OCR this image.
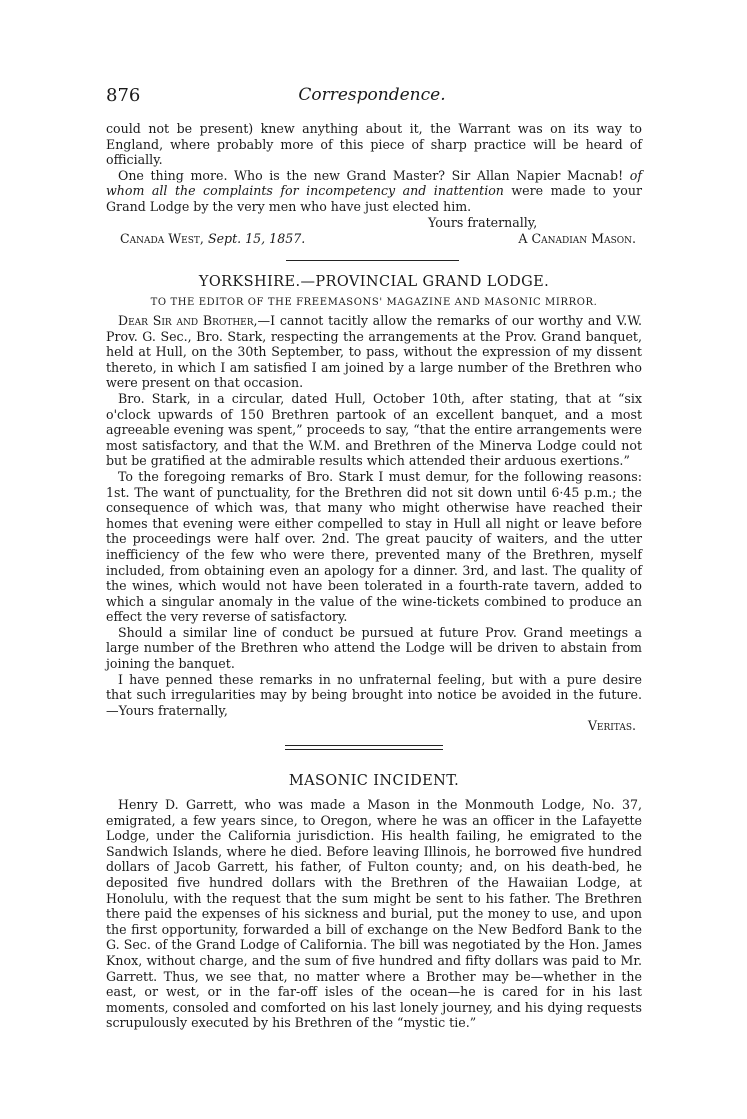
876	Correspondence.

could not be present) knew anything about it, the Warrant was on its way to England, where probably more of this piece of sharp practice will be heard of officially.

One thing more. Who is the new Grand Master? Sir Allan Napier Macnab! of whom all the complaints for incompetency and inattention were made to your Grand Lodge by the very men who have just elected him.

Yours fraternally,
Canada West, Sept. 15, 1857.	A Canadian Mason.
YORKSHIRE.—PROVINCIAL GRAND LODGE.
TO THE EDITOR OF THE FREEMASONS' MAGAZINE AND MASONIC MIRROR.

Dear Sir and Brother,—I cannot tacitly allow the remarks of our worthy and V.W. Prov. G. Sec., Bro. Stark, respecting the arrangements at the Prov. Grand banquet, held at Hull, on the 30th September, to pass, without the expression of my dissent thereto, in which I am satisfied I am joined by a large number of the Brethren who were present on that occasion.

Bro. Stark, in a circular, dated Hull, October 10th, after stating, that at “six o'clock upwards of 150 Brethren partook of an excellent banquet, and a most agreeable evening was spent,” proceeds to say, “that the entire arrangements were most satisfactory, and that the W.M. and Brethren of the Minerva Lodge could not but be gratified at the admirable results which attended their arduous exertions.”

To the foregoing remarks of Bro. Stark I must demur, for the following reasons: 1st. The want of punctuality, for the Brethren did not sit down until 6·45 p.m.; the consequence of which was, that many who might otherwise have reached their homes that evening were either compelled to stay in Hull all night or leave before the proceedings were half over. 2nd. The great paucity of waiters, and the utter inefficiency of the few who were there, prevented many of the Brethren, myself included, from obtaining even an apology for a dinner. 3rd, and last. The quality of the wines, which would not have been tolerated in a fourth-rate tavern, added to which a singular anomaly in the value of the wine-tickets combined to produce an effect the very reverse of satisfactory.

Should a similar line of conduct be pursued at future Prov. Grand meetings a large number of the Brethren who attend the Lodge will be driven to abstain from joining the banquet.

I have penned these remarks in no unfraternal feeling, but with a pure desire that such irregularities may by being brought into notice be avoided in the future.—Yours fraternally,

Veritas.
MASONIC INCIDENT.

Henry D. Garrett, who was made a Mason in the Monmouth Lodge, No. 37, emigrated, a few years since, to Oregon, where he was an officer in the Lafayette Lodge, under the California jurisdiction. His health failing, he emigrated to the Sandwich Islands, where he died. Before leaving Illinois, he borrowed five hundred dollars of Jacob Garrett, his father, of Fulton county; and, on his death-bed, he deposited five hundred dollars with the Brethren of the Hawaiian Lodge, at Honolulu, with the request that the sum might be sent to his father. The Brethren there paid the expenses of his sickness and burial, put the money to use, and upon the first opportunity, forwarded a bill of exchange on the New Bedford Bank to the G. Sec. of the Grand Lodge of California. The bill was negotiated by the Hon. James Knox, without charge, and the sum of five hundred and fifty dollars was paid to Mr. Garrett. Thus, we see that, no matter where a Brother may be—whether in the east, or west, or in the far-off isles of the ocean—he is cared for in his last moments, consoled and comforted on his last lonely journey, and his dying requests scrupulously executed by his Brethren of the “mystic tie.”
